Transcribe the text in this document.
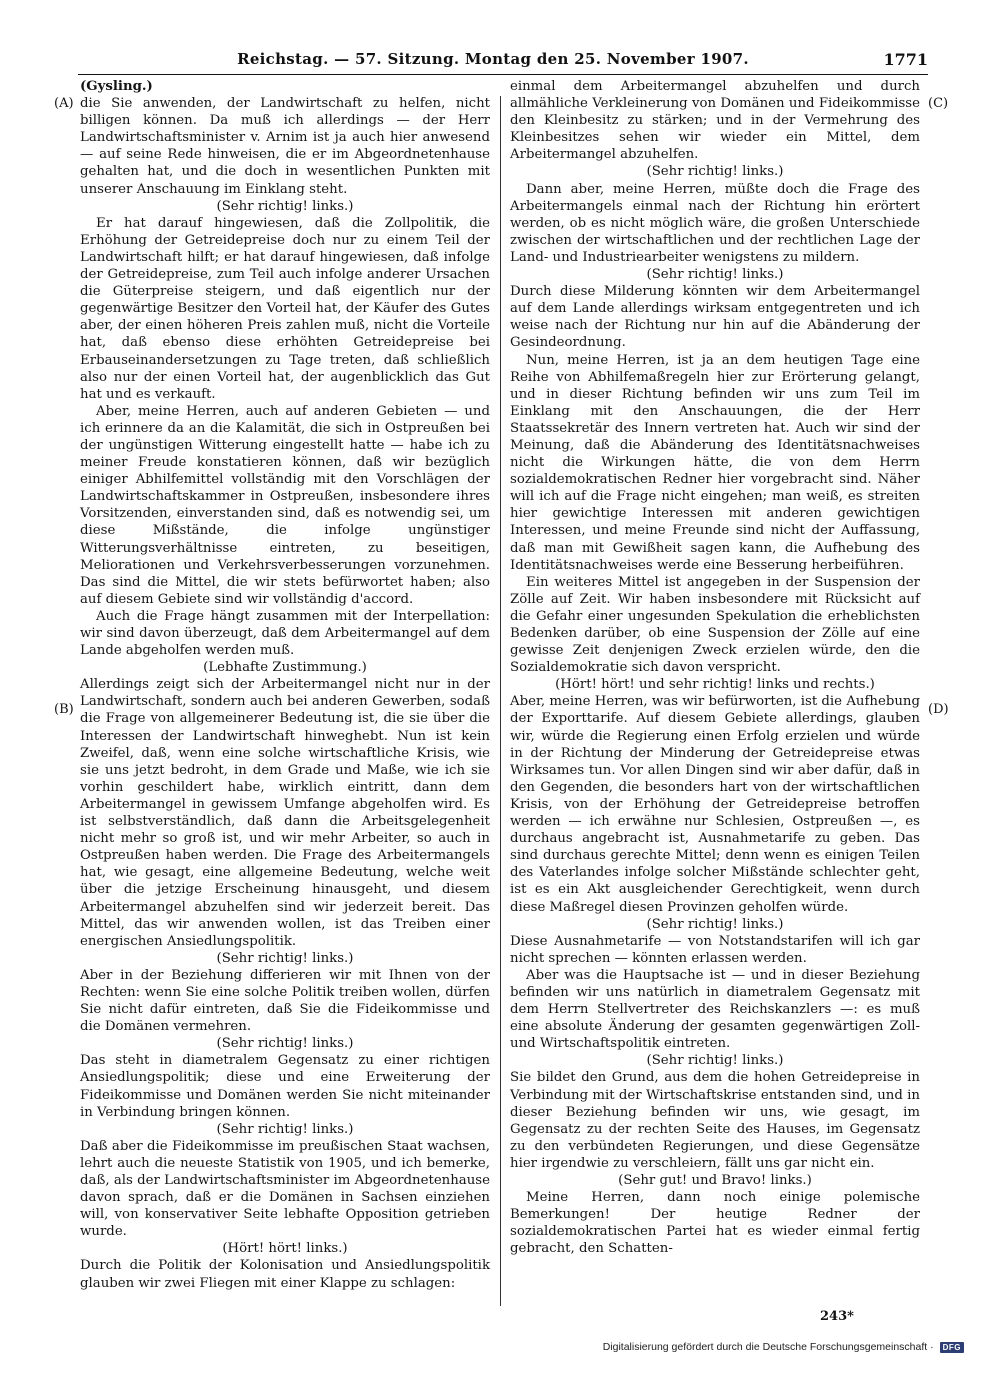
Reichstag. — 57. Sitzung. Montag den 25. November 1907.	1771
(A)
(B)
(C)
(D)

(Gysling.)

die Sie anwenden, der Landwirtschaft zu helfen, nicht billigen können. Da muß ich allerdings — der Herr Landwirtschaftsminister v. Arnim ist ja auch hier anwesend — auf seine Rede hinweisen, die er im Abgeordnetenhause gehalten hat, und die doch in wesentlichen Punkten mit unserer Anschauung im Einklang steht.

(Sehr richtig! links.)

Er hat darauf hingewiesen, daß die Zollpolitik, die Erhöhung der Getreidepreise doch nur zu einem Teil der Landwirtschaft hilft; er hat darauf hingewiesen, daß infolge der Getreidepreise, zum Teil auch infolge anderer Ursachen die Güterpreise steigern, und daß eigentlich nur der gegenwärtige Besitzer den Vorteil hat, der Käufer des Gutes aber, der einen höheren Preis zahlen muß, nicht die Vorteile hat, daß ebenso diese erhöhten Getreidepreise bei Erbauseinandersetzungen zu Tage treten, daß schließlich also nur der einen Vorteil hat, der augenblicklich das Gut hat und es verkauft.

Aber, meine Herren, auch auf anderen Gebieten — und ich erinnere da an die Kalamität, die sich in Ostpreußen bei der ungünstigen Witterung eingestellt hatte — habe ich zu meiner Freude konstatieren können, daß wir bezüglich einiger Abhilfemittel vollständig mit den Vorschlägen der Landwirtschaftskammer in Ostpreußen, insbesondere ihres Vorsitzenden, einverstanden sind, daß es notwendig sei, um diese Mißstände, die infolge ungünstiger Witterungsverhältnisse eintreten, zu beseitigen, Meliorationen und Verkehrsverbesserungen vorzunehmen. Das sind die Mittel, die wir stets befürwortet haben; also auf diesem Gebiete sind wir vollständig d'accord.

Auch die Frage hängt zusammen mit der Interpellation: wir sind davon überzeugt, daß dem Arbeitermangel auf dem Lande abgeholfen werden muß.

(Lebhafte Zustimmung.)

Allerdings zeigt sich der Arbeitermangel nicht nur in der Landwirtschaft, sondern auch bei anderen Gewerben, sodaß die Frage von allgemeinerer Bedeutung ist, die sie über die Interessen der Landwirtschaft hinweghebt. Nun ist kein Zweifel, daß, wenn eine solche wirtschaftliche Krisis, wie sie uns jetzt bedroht, in dem Grade und Maße, wie ich sie vorhin geschildert habe, wirklich eintritt, dann dem Arbeitermangel in gewissem Umfange abgeholfen wird. Es ist selbstverständlich, daß dann die Arbeitsgelegenheit nicht mehr so groß ist, und wir mehr Arbeiter, so auch in Ostpreußen haben werden. Die Frage des Arbeitermangels hat, wie gesagt, eine allgemeine Bedeutung, welche weit über die jetzige Erscheinung hinausgeht, und diesem Arbeitermangel abzuhelfen sind wir jederzeit bereit. Das Mittel, das wir anwenden wollen, ist das Treiben einer energischen Ansiedlungspolitik.

(Sehr richtig! links.)

Aber in der Beziehung differieren wir mit Ihnen von der Rechten: wenn Sie eine solche Politik treiben wollen, dürfen Sie nicht dafür eintreten, daß Sie die Fideikommisse und die Domänen vermehren.

(Sehr richtig! links.)

Das steht in diametralem Gegensatz zu einer richtigen Ansiedlungspolitik; diese und eine Erweiterung der Fideikommisse und Domänen werden Sie nicht miteinander in Verbindung bringen können.

(Sehr richtig! links.)

Daß aber die Fideikommisse im preußischen Staat wachsen, lehrt auch die neueste Statistik von 1905, und ich bemerke, daß, als der Landwirtschaftsminister im Abgeordnetenhause davon sprach, daß er die Domänen in Sachsen einziehen will, von konservativer Seite lebhafte Opposition getrieben wurde.

(Hört! hört! links.)

Durch die Politik der Kolonisation und Ansiedlungspolitik glauben wir zwei Fliegen mit einer Klappe zu schlagen:

einmal dem Arbeitermangel abzuhelfen und durch allmähliche Verkleinerung von Domänen und Fideikommisse den Kleinbesitz zu stärken; und in der Vermehrung des Kleinbesitzes sehen wir wieder ein Mittel, dem Arbeitermangel abzuhelfen.

(Sehr richtig! links.)

Dann aber, meine Herren, müßte doch die Frage des Arbeitermangels einmal nach der Richtung hin erörtert werden, ob es nicht möglich wäre, die großen Unterschiede zwischen der wirtschaftlichen und der rechtlichen Lage der Land- und Industriearbeiter wenigstens zu mildern.

(Sehr richtig! links.)

Durch diese Milderung könnten wir dem Arbeitermangel auf dem Lande allerdings wirksam entgegentreten und ich weise nach der Richtung nur hin auf die Abänderung der Gesindeordnung.

Nun, meine Herren, ist ja an dem heutigen Tage eine Reihe von Abhilfemaßregeln hier zur Erörterung gelangt, und in dieser Richtung befinden wir uns zum Teil im Einklang mit den Anschauungen, die der Herr Staatssekretär des Innern vertreten hat. Auch wir sind der Meinung, daß die Abänderung des Identitätsnachweises nicht die Wirkungen hätte, die von dem Herrn sozialdemokratischen Redner hier vorgebracht sind. Näher will ich auf die Frage nicht eingehen; man weiß, es streiten hier gewichtige Interessen mit anderen gewichtigen Interessen, und meine Freunde sind nicht der Auffassung, daß man mit Gewißheit sagen kann, die Aufhebung des Identitätsnachweises werde eine Besserung herbeiführen.

Ein weiteres Mittel ist angegeben in der Suspension der Zölle auf Zeit. Wir haben insbesondere mit Rücksicht auf die Gefahr einer ungesunden Spekulation die erheblichsten Bedenken darüber, ob eine Suspension der Zölle auf eine gewisse Zeit denjenigen Zweck erzielen würde, den die Sozialdemokratie sich davon verspricht.

(Hört! hört! und sehr richtig! links und rechts.)

Aber, meine Herren, was wir befürworten, ist die Aufhebung der Exporttarife. Auf diesem Gebiete allerdings, glauben wir, würde die Regierung einen Erfolg erzielen und würde in der Richtung der Minderung der Getreidepreise etwas Wirksames tun. Vor allen Dingen sind wir aber dafür, daß in den Gegenden, die besonders hart von der wirtschaftlichen Krisis, von der Erhöhung der Getreidepreise betroffen werden — ich erwähne nur Schlesien, Ostpreußen —, es durchaus angebracht ist, Ausnahmetarife zu geben. Das sind durchaus gerechte Mittel; denn wenn es einigen Teilen des Vaterlandes infolge solcher Mißstände schlechter geht, ist es ein Akt ausgleichender Gerechtigkeit, wenn durch diese Maßregel diesen Provinzen geholfen würde.

(Sehr richtig! links.)

Diese Ausnahmetarife — von Notstandstarifen will ich gar nicht sprechen — könnten erlassen werden.

Aber was die Hauptsache ist — und in dieser Beziehung befinden wir uns natürlich in diametralem Gegensatz mit dem Herrn Stellvertreter des Reichskanzlers —: es muß eine absolute Änderung der gesamten gegenwärtigen Zoll- und Wirtschaftspolitik eintreten.

(Sehr richtig! links.)

Sie bildet den Grund, aus dem die hohen Getreidepreise in Verbindung mit der Wirtschaftskrise entstanden sind, und in dieser Beziehung befinden wir uns, wie gesagt, im Gegensatz zu der rechten Seite des Hauses, im Gegensatz zu den verbündeten Regierungen, und diese Gegensätze hier irgendwie zu verschleiern, fällt uns gar nicht ein.

(Sehr gut! und Bravo! links.)

Meine Herren, dann noch einige polemische Bemerkungen! Der heutige Redner der sozialdemokratischen Partei hat es wieder einmal fertig gebracht, den Schatten-

243*
Digitalisierung gefördert durch die Deutsche Forschungsgemeinschaft ·	DFG
